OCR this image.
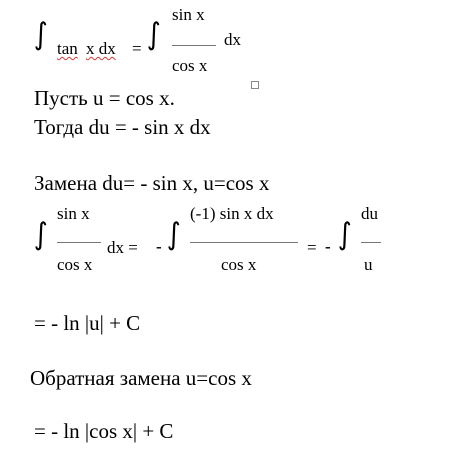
∫ tan x dx = ∫
sin x
cos x
dx
Пусть u = cos x.
Тогда du = - sin x dx
Замена du= - sin x, u=cos x
∫
sin x
cos x
dx = - ∫
(-1) sin x dx
cos x
= - ∫
du
u
= - ln |u| + C
Обратная замена u=cos x
= - ln |cos x| + C
